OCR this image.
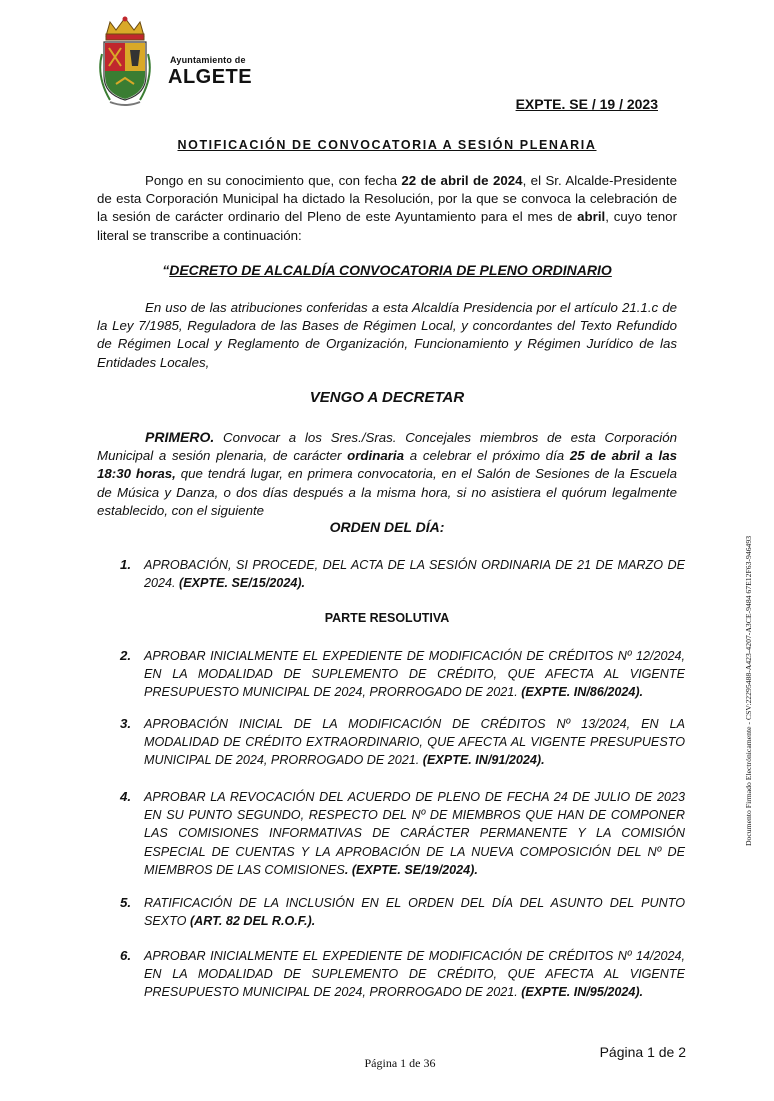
Ayuntamiento de
ALGETE
EXPTE. SE / 19 / 2023
NOTIFICACIÓN DE CONVOCATORIA A SESIÓN PLENARIA

Pongo en su conocimiento que, con fecha 22 de abril de 2024, el Sr. Alcalde-Presidente de esta Corporación Municipal ha dictado la Resolución, por la que se convoca la celebración de la sesión de carácter ordinario del Pleno de este Ayuntamiento para el mes de abril, cuyo tenor literal se transcribe a continuación:

“DECRETO DE ALCALDÍA CONVOCATORIA DE PLENO ORDINARIO

En uso de las atribuciones conferidas a esta Alcaldía Presidencia por el artículo 21.1.c de la Ley 7/1985, Reguladora de las Bases de Régimen Local, y concordantes del Texto Refundido de Régimen Local y Reglamento de Organización, Funcionamiento y Régimen Jurídico de las Entidades Locales,

VENGO A DECRETAR

PRIMERO. Convocar a los Sres./Sras. Concejales miembros de esta Corporación Municipal a sesión plenaria, de carácter ordinaria a celebrar el próximo día 25 de abril a las 18:30 horas, que tendrá lugar, en primera convocatoria, en el Salón de Sesiones de la Escuela de Música y Danza, o dos días después a la misma hora, si no asistiera el quórum legalmente establecido, con el siguiente

ORDEN DEL DÍA:
1. APROBACIÓN, SI PROCEDE, DEL ACTA DE LA SESIÓN ORDINARIA DE 21 DE MARZO DE 2024. (EXPTE. SE/15/2024).

PARTE RESOLUTIVA
2. APROBAR INICIALMENTE EL EXPEDIENTE DE MODIFICACIÓN DE CRÉDITOS Nº 12/2024, EN LA MODALIDAD DE SUPLEMENTO DE CRÉDITO, QUE AFECTA AL VIGENTE PRESUPUESTO MUNICIPAL DE 2024, PRORROGADO DE 2021. (EXPTE. IN/86/2024).

3. APROBACIÓN INICIAL DE LA MODIFICACIÓN DE CRÉDITOS Nº 13/2024, EN LA MODALIDAD DE CRÉDITO EXTRAORDINARIO, QUE AFECTA AL VIGENTE PRESUPUESTO MUNICIPAL DE 2024, PRORROGADO DE 2021. (EXPTE. IN/91/2024).

4. APROBAR LA REVOCACIÓN DEL ACUERDO DE PLENO DE FECHA 24 DE JULIO DE 2023 EN SU PUNTO SEGUNDO, RESPECTO DEL Nº DE MIEMBROS QUE HAN DE COMPONER LAS COMISIONES INFORMATIVAS DE CARÁCTER PERMANENTE Y LA COMISIÓN ESPECIAL DE CUENTAS Y LA APROBACIÓN DE LA NUEVA COMPOSICIÓN DEL Nº DE MIEMBROS DE LAS COMISIONES. (EXPTE. SE/19/2024).

5. RATIFICACIÓN DE LA INCLUSIÓN EN EL ORDEN DEL DÍA DEL ASUNTO DEL PUNTO SEXTO (ART. 82 DEL R.O.F.).

6. APROBAR INICIALMENTE EL EXPEDIENTE DE MODIFICACIÓN DE CRÉDITOS Nº 14/2024, EN LA MODALIDAD DE SUPLEMENTO DE CRÉDITO, QUE AFECTA AL VIGENTE PRESUPUESTO MUNICIPAL DE 2024, PRORROGADO DE 2021. (EXPTE. IN/95/2024).

Documento Firmado Electrónicamente - CSV:22295488-A423-4207-A3CE-9484 67E12F63-946493
Página 1 de 36
Página 1 de 2
